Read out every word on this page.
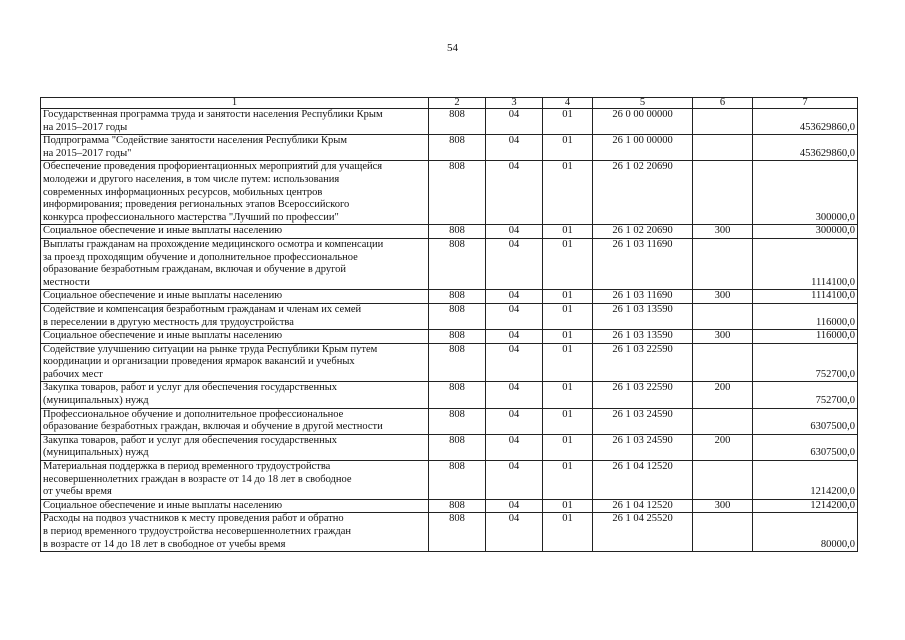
54
1	2	3	4	5	6	7
Государственная программа труда и занятости населения Республики Крым
на 2015–2017 годы	808	04	01	26 0 00 00000		453629860,0
Подпрограмма "Содействие занятости населения Республики Крым
на 2015–2017 годы"	808	04	01	26 1 00 00000		453629860,0
Обеспечение проведения профориентационных мероприятий для учащейся
молодежи и другого населения, в том числе путем: использования
современных информационных ресурсов, мобильных центров
информирования; проведения региональных этапов Всероссийского
конкурса профессионального мастерства "Лучший по профессии"	808	04	01	26 1 02 20690		300000,0
Социальное обеспечение и иные выплаты населению	808	04	01	26 1 02 20690	300	300000,0
Выплаты гражданам на прохождение медицинского осмотра и компенсации
за проезд проходящим обучение и дополнительное профессиональное
образование безработным гражданам, включая и обучение в другой
местности	808	04	01	26 1 03 11690		1114100,0
Социальное обеспечение и иные выплаты населению	808	04	01	26 1 03 11690	300	1114100,0
Содействие и компенсация безработным гражданам и членам их семей
в переселении в другую местность для трудоустройства	808	04	01	26 1 03 13590		116000,0
Социальное обеспечение и иные выплаты населению	808	04	01	26 1 03 13590	300	116000,0
Содействие улучшению ситуации на рынке труда Республики Крым путем
координации и организации проведения ярмарок вакансий и учебных
рабочих мест	808	04	01	26 1 03 22590		752700,0
Закупка товаров, работ и услуг для обеспечения государственных
(муниципальных) нужд	808	04	01	26 1 03 22590	200	752700,0
Профессиональное обучение и дополнительное профессиональное
образование безработных граждан, включая и обучение в другой местности	808	04	01	26 1 03 24590		6307500,0
Закупка товаров, работ и услуг для обеспечения государственных
(муниципальных) нужд	808	04	01	26 1 03 24590	200	6307500,0
Материальная поддержка в период временного трудоустройства
несовершеннолетних граждан в возрасте от 14 до 18 лет в свободное
от учебы время	808	04	01	26 1 04 12520		1214200,0
Социальное обеспечение и иные выплаты населению	808	04	01	26 1 04 12520	300	1214200,0
Расходы на подвоз участников к месту проведения работ и обратно
в период временного трудоустройства несовершеннолетних граждан
в возрасте от 14 до 18 лет в свободное от учебы время	808	04	01	26 1 04 25520		80000,0
